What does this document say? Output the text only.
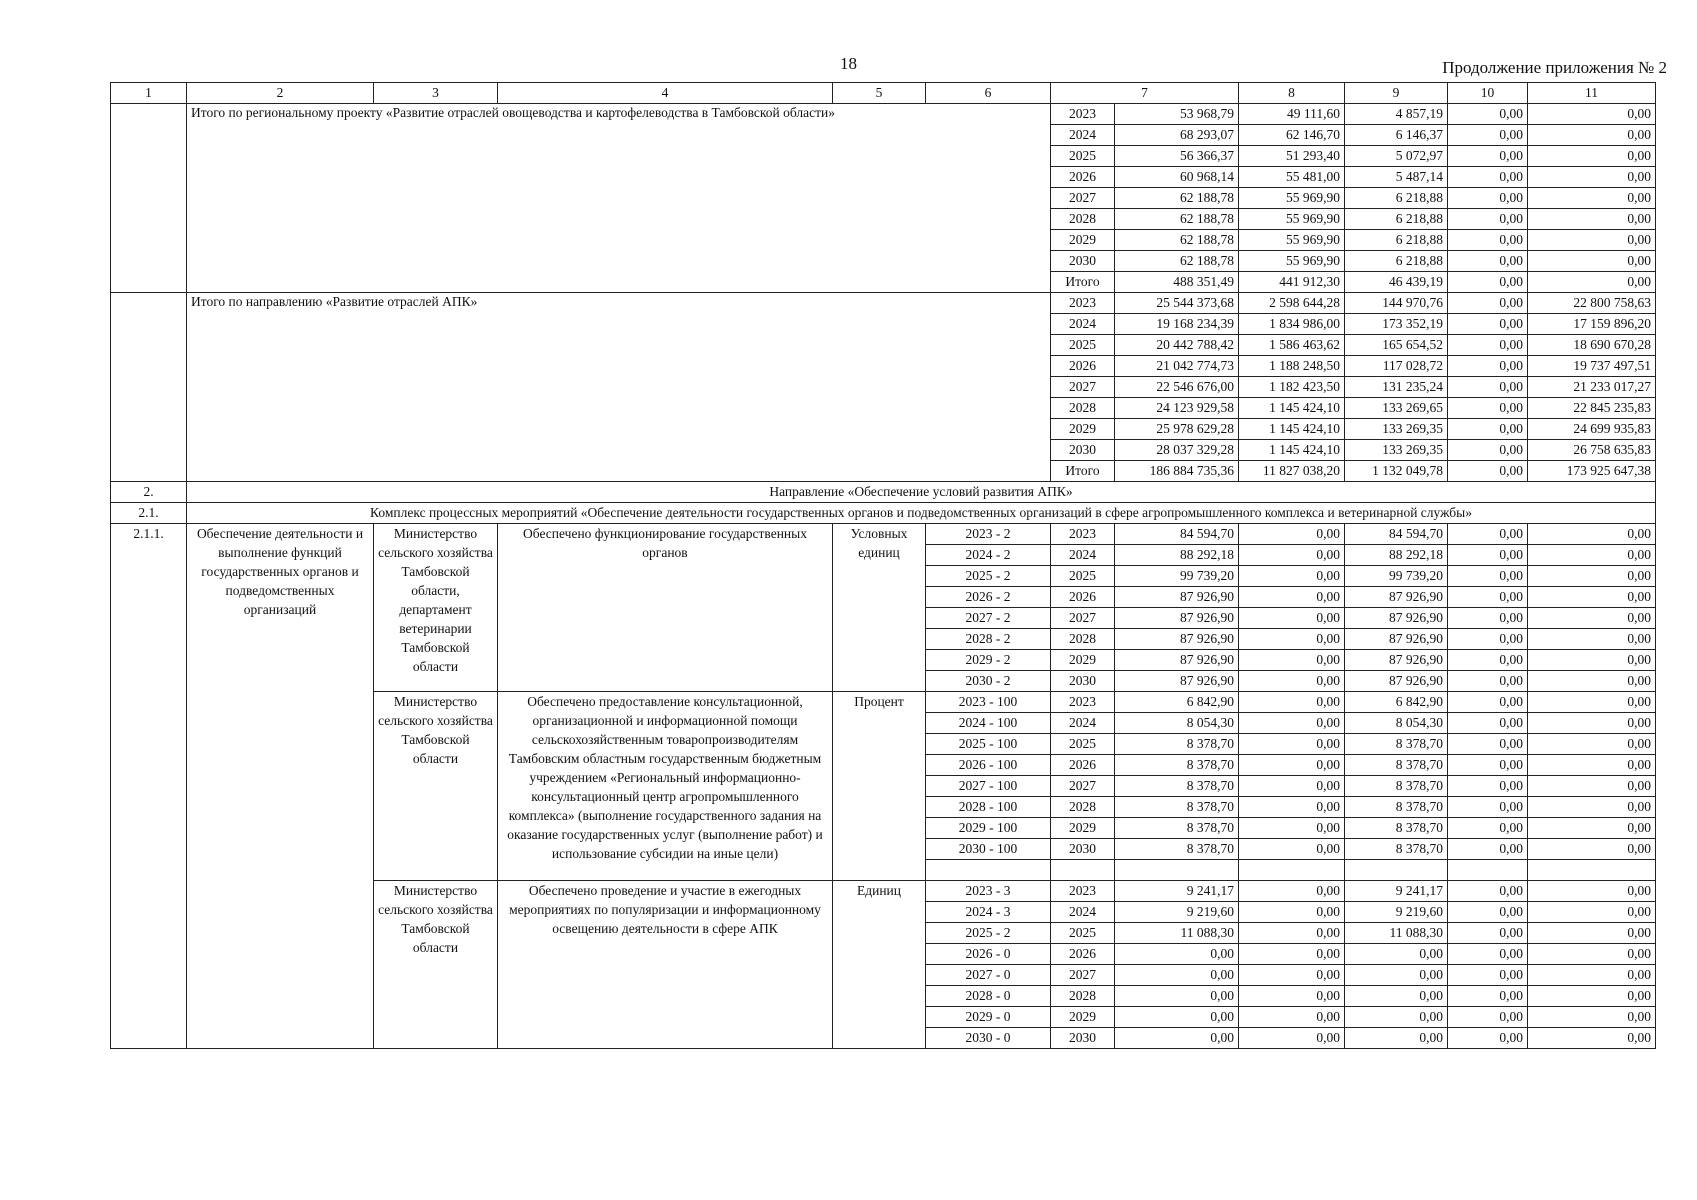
18	Продолжение приложения № 2
1	2	3	4	5	6	7		8	9	10	11
	Итого по региональному проекту «Развитие отраслей овощеводства и картофелеводства в Тамбовской области»					2023	53 968,79	49 111,60	4 857,19	0,00	0,00
						2024	68 293,07	62 146,70	6 146,37	0,00	0,00
						2025	56 366,37	51 293,40	5 072,97	0,00	0,00
						2026	60 968,14	55 481,00	5 487,14	0,00	0,00
						2027	62 188,78	55 969,90	6 218,88	0,00	0,00
						2028	62 188,78	55 969,90	6 218,88	0,00	0,00
						2029	62 188,78	55 969,90	6 218,88	0,00	0,00
						2030	62 188,78	55 969,90	6 218,88	0,00	0,00
						Итого	488 351,49	441 912,30	46 439,19	0,00	0,00
	Итого по направлению «Развитие отраслей АПК»					2023	25 544 373,68	2 598 644,28	144 970,76	0,00	22 800 758,63
						2024	19 168 234,39	1 834 986,00	173 352,19	0,00	17 159 896,20
						2025	20 442 788,42	1 586 463,62	165 654,52	0,00	18 690 670,28
						2026	21 042 774,73	1 188 248,50	117 028,72	0,00	19 737 497,51
						2027	22 546 676,00	1 182 423,50	131 235,24	0,00	21 233 017,27
						2028	24 123 929,58	1 145 424,10	133 269,65	0,00	22 845 235,83
						2029	25 978 629,28	1 145 424,10	133 269,35	0,00	24 699 935,83
						2030	28 037 329,28	1 145 424,10	133 269,35	0,00	26 758 635,83
						Итого	186 884 735,36	11 827 038,20	1 132 049,78	0,00	173 925 647,38
2.	Направление «Обеспечение условий развития АПК»										
2.1.	Комплекс процессных мероприятий «Обеспечение деятельности государственных органов и подведомственных организаций в сфере агропромышленного комплекса и ветеринарной службы»										
2.1.1.	Обеспечение деятельности и выполнение функций государственных органов и подведомственных организаций	Министерство сельского хозяйства Тамбовской области, департамент ветеринарии Тамбовской области	Обеспечено функционирование государственных органов	Условных единиц	2023 - 2	2023	84 594,70	0,00	84 594,70	0,00	0,00
					2024 - 2	2024	88 292,18	0,00	88 292,18	0,00	0,00
					2025 - 2	2025	99 739,20	0,00	99 739,20	0,00	0,00
					2026 - 2	2026	87 926,90	0,00	87 926,90	0,00	0,00
					2027 - 2	2027	87 926,90	0,00	87 926,90	0,00	0,00
					2028 - 2	2028	87 926,90	0,00	87 926,90	0,00	0,00
					2029 - 2	2029	87 926,90	0,00	87 926,90	0,00	0,00
					2030 - 2	2030	87 926,90	0,00	87 926,90	0,00	0,00
		Министерство сельского хозяйства Тамбовской области	Обеспечено предоставление консультационной, организационной и информационной помощи сельскохозяйственным товаропроизводителям Тамбовским областным государственным бюджетным учреждением «Региональный информационно-консультационный центр агропромышленного комплекса» (выполнение государственного задания на оказание государственных услуг (выполнение работ) и использование субсидии на иные цели)	Процент	2023 - 100	2023	6 842,90	0,00	6 842,90	0,00	0,00
					2024 - 100	2024	8 054,30	0,00	8 054,30	0,00	0,00
					2025 - 100	2025	8 378,70	0,00	8 378,70	0,00	0,00
					2026 - 100	2026	8 378,70	0,00	8 378,70	0,00	0,00
					2027 - 100	2027	8 378,70	0,00	8 378,70	0,00	0,00
					2028 - 100	2028	8 378,70	0,00	8 378,70	0,00	0,00
					2029 - 100	2029	8 378,70	0,00	8 378,70	0,00	0,00
					2030 - 100	2030	8 378,70	0,00	8 378,70	0,00	0,00

		Министерство сельского хозяйства Тамбовской области	Обеспечено проведение и участие в ежегодных мероприятиях по популяризации и информационному освещению деятельности в сфере АПК	Единиц	2023 - 3	2023	9 241,17	0,00	9 241,17	0,00	0,00
					2024 - 3	2024	9 219,60	0,00	9 219,60	0,00	0,00
					2025 - 2	2025	11 088,30	0,00	11 088,30	0,00	0,00
					2026 - 0	2026	0,00	0,00	0,00	0,00	0,00
					2027 - 0	2027	0,00	0,00	0,00	0,00	0,00
					2028 - 0	2028	0,00	0,00	0,00	0,00	0,00
					2029 - 0	2029	0,00	0,00	0,00	0,00	0,00
					2030 - 0	2030	0,00	0,00	0,00	0,00	0,00
